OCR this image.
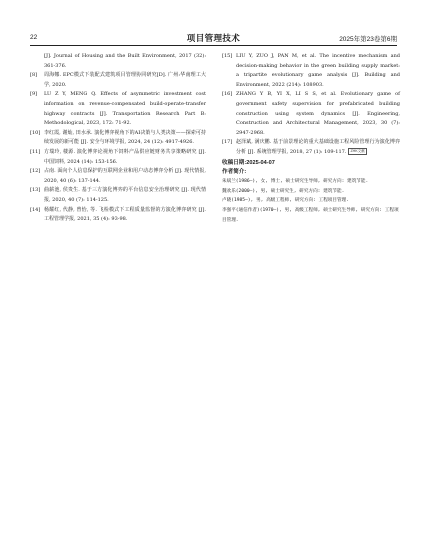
22	项目管理技术	2025年第23卷第6期
[J]. Journal of Housing and the Built Environment, 2017 (32): 361-376.
[8] 周海娜. EPC模式下装配式建筑项目管理协同研究[D]. 广州:华南理工大学, 2020.
[9] LU Z Y, MENG Q. Effects of asymmetric investment cost information on revenue-compensated build-operate-transfer highway contracts [J]. Transportation Research Part B: Methodological, 2023, 172: 71-92.
[10] 李红霞, 谢灿, 田水承. 演化博弈视角下的AI决策与人类决策——探索可持续发展的新可能 [J]. 安全与环境学报, 2024, 24 (12): 4917-4926.
[11] 方瑞玲, 楼源. 演化博弈论视角下饲料产品供应链财务共享策略研究 [J]. 中国饲料, 2024 (14): 153-156.
[12] 占南. 面向个人信息保护的互联网企业和用户动态博弈分析 [J]. 现代情报, 2020, 40 (6): 137-144.
[13] 曲薪池, 侯贵生. 基于三方演化博弈的平台信息安全治理研究 [J]. 现代情报, 2020, 40 (7): 114-125.
[14] 杨耀红, 代静, 曾怡, 等. 飞检模式下工程质量监督的方演化博弈研究 [J]. 工程管理学报, 2021, 35 (4): 93-98.
[15] LIU Y, ZUO J, PAN M, et al. The incentive mechanism and decision-making behavior in the green building supply market: a tripartite evolutionary game analysis [J]. Building and Environment, 2022 (214): 108903.
[16] ZHANG Y B, YI X, LI S S, et al. Evolutionary game of government safety supervision for prefabricated building construction using system dynamics [J]. Engineering, Construction and Architectural Management, 2023, 30 (7): 2947-2968.
[17] 赵泽斌, 满庆鹏. 基于前景理论的重大基础设施工程风险管理行为演化博弈分析 [J]. 系统管理学报, 2018, 27 (1): 109-117. ZHK文献
收稿日期:2025-04-07
作者简介:
朱斌兰(1986—), 女, 博士, 硕士研究生导师, 研究方向: 建筑节能.
魏欢乐(2000—), 男, 硕士研究生, 研究方向: 建筑节能.
卢晓(1985—), 男, 高级工程师, 研究方向: 工程项目管理.
李强平(通信作者)(1970—), 男, 高级工程师, 硕士研究生导师, 研究方向: 工程项目管理.
